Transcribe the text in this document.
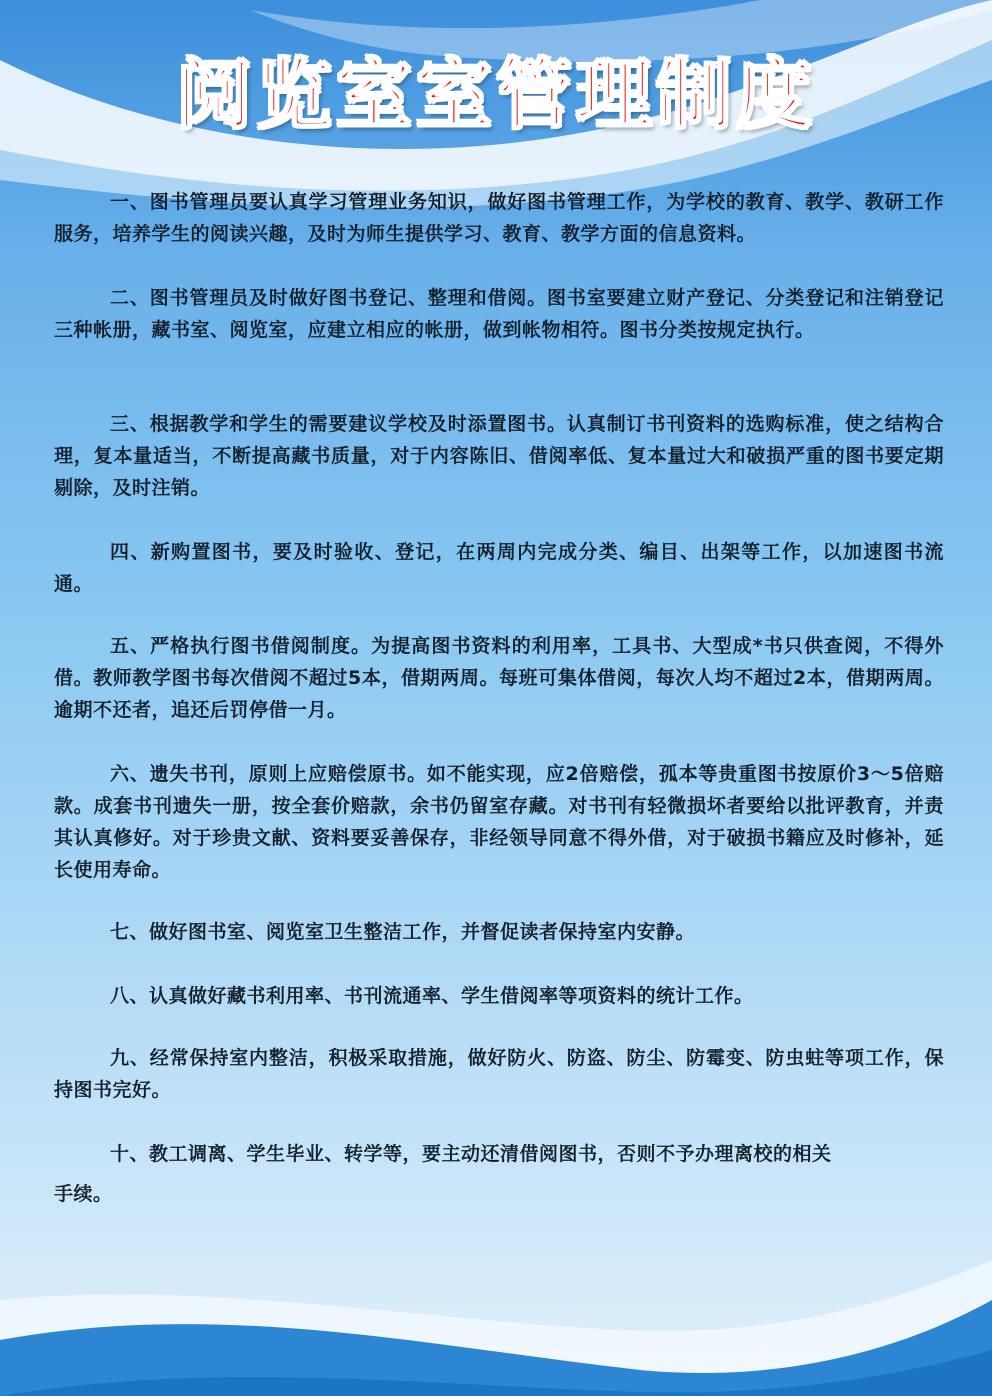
阅览室室管理制度

一、图书管理员要认真学习管理业务知识，做好图书管理工作，为学校的教育、教学、教研工作服务，培养学生的阅读兴趣，及时为师生提供学习、教育、教学方面的信息资料。

二、图书管理员及时做好图书登记、整理和借阅。图书室要建立财产登记、分类登记和注销登记三种帐册，藏书室、阅览室，应建立相应的帐册，做到帐物相符。图书分类按规定执行。

三、根据教学和学生的需要建议学校及时添置图书。认真制订书刊资料的选购标准，使之结构合理，复本量适当，不断提高藏书质量，对于内容陈旧、借阅率低、复本量过大和破损严重的图书要定期剔除，及时注销。

四、新购置图书，要及时验收、登记，在两周内完成分类、编目、出架等工作，以加速图书流通。

五、严格执行图书借阅制度。为提高图书资料的利用率，工具书、大型成*书只供查阅，不得外借。教师教学图书每次借阅不超过5本，借期两周。每班可集体借阅，每次人均不超过2本，借期两周。逾期不还者，追还后罚停借一月。

六、遗失书刊，原则上应赔偿原书。如不能实现，应2倍赔偿，孤本等贵重图书按原价3～5倍赔款。成套书刊遗失一册，按全套价赔款，余书仍留室存藏。对书刊有轻微损坏者要给以批评教育，并责其认真修好。对于珍贵文献、资料要妥善保存，非经领导同意不得外借，对于破损书籍应及时修补，延长使用寿命。

七、做好图书室、阅览室卫生整洁工作，并督促读者保持室内安静。

八、认真做好藏书利用率、书刊流通率、学生借阅率等项资料的统计工作。

九、经常保持室内整洁，积极采取措施，做好防火、防盗、防尘、防霉变、防虫蛀等项工作，保持图书完好。

十、教工调离、学生毕业、转学等，要主动还清借阅图书，否则不予办理离校的相关
手续。
